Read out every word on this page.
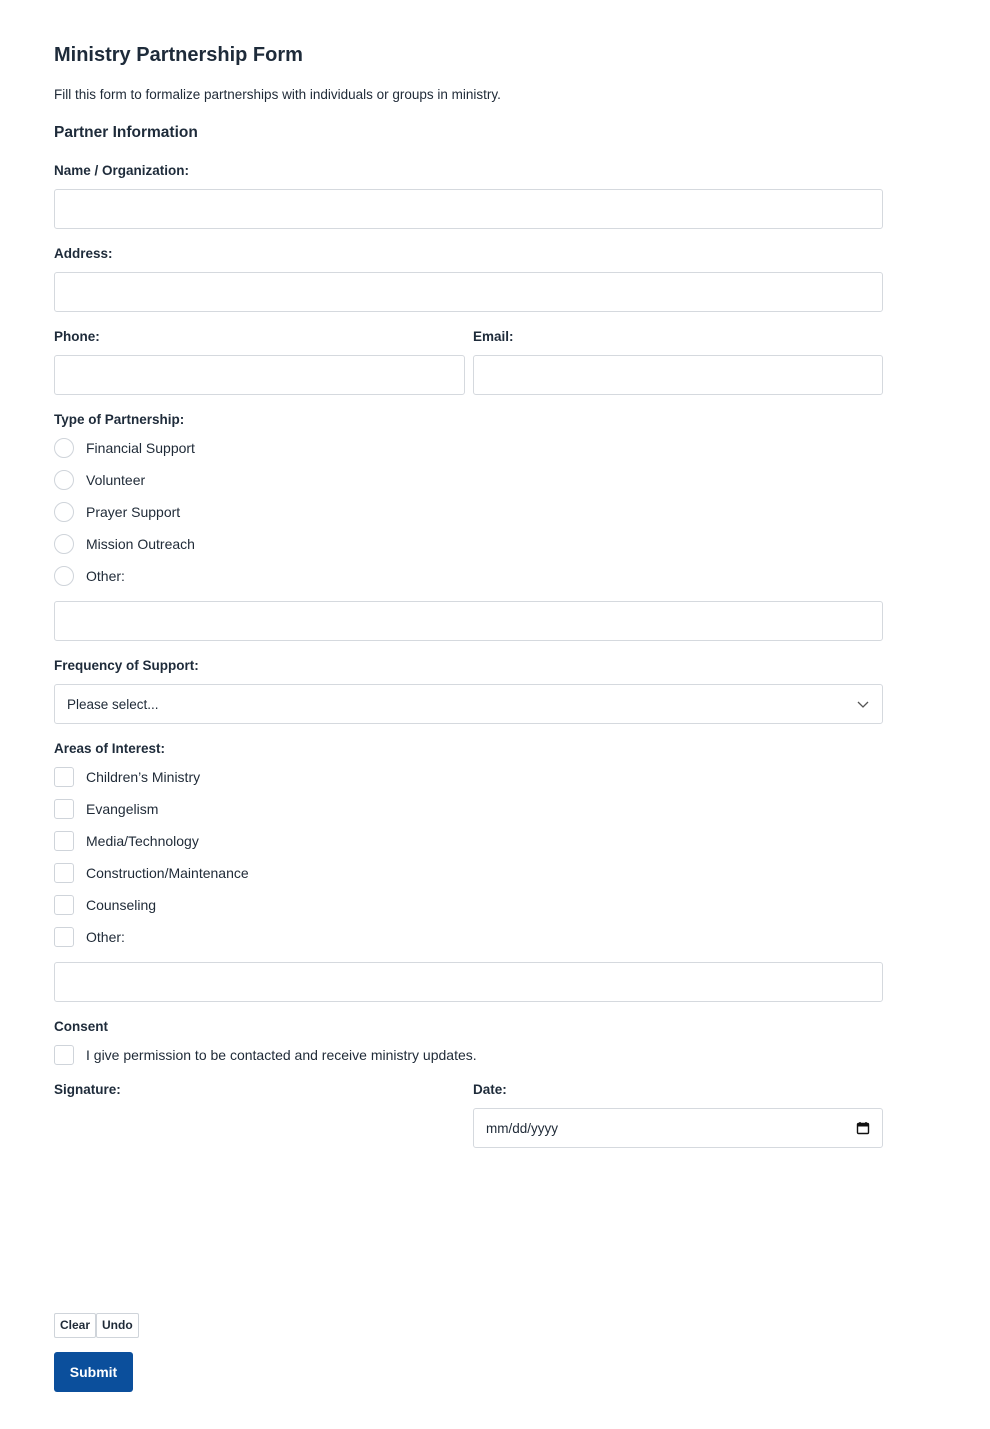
Ministry Partnership Form
Fill this form to formalize partnerships with individuals or groups in ministry.
Partner Information
Name / Organization:
Address:
Phone:	Email:
Type of Partnership:
Financial Support
Volunteer
Prayer Support
Mission Outreach
Other:
Frequency of Support:
Please select...
Areas of Interest:
Children’s Ministry
Evangelism
Media/Technology
Construction/Maintenance
Counseling
Other:
Consent
I give permission to be contacted and receive ministry updates.
Signature:	Date:
mm/dd/yyyy
Clear Undo
Submit
